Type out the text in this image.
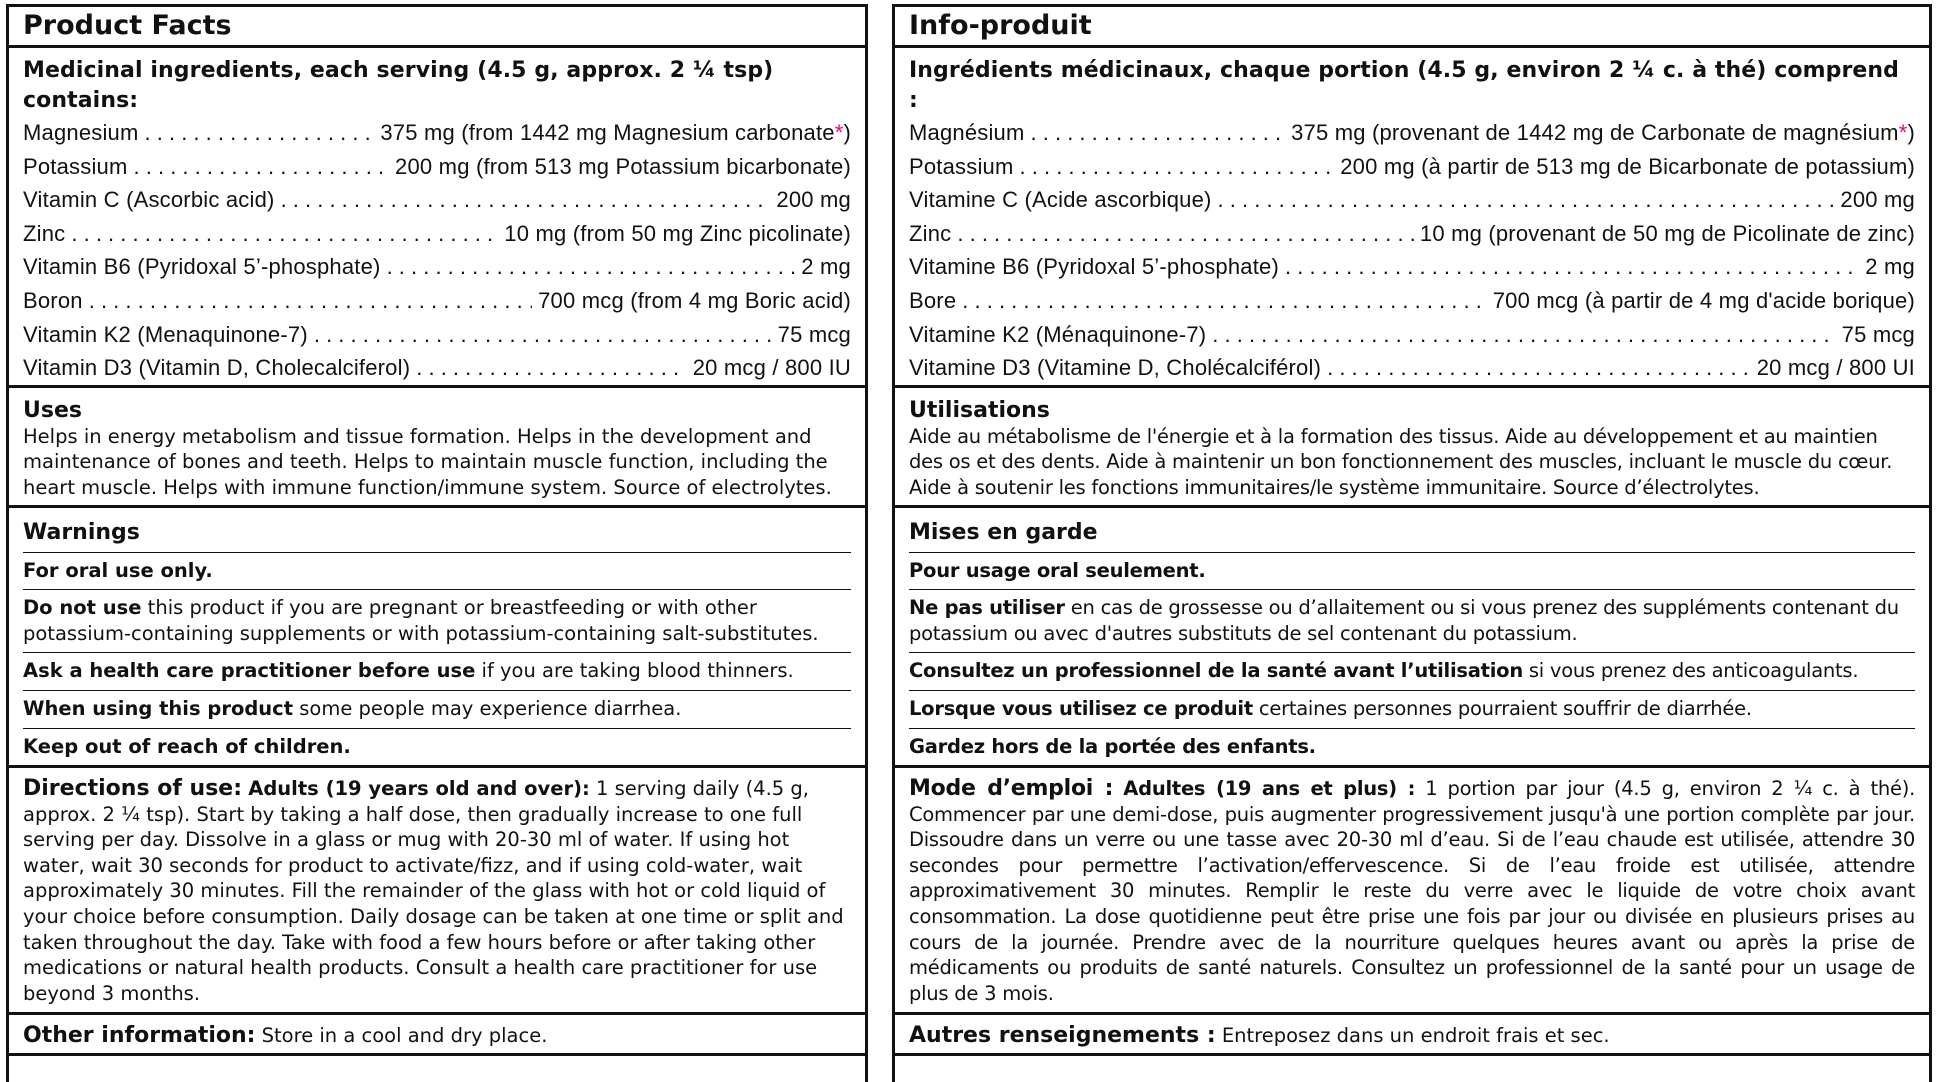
Product Facts
Medicinal ingredients, each serving (4.5 g, approx. 2 ¼ tsp) contains:
Magnesium . . .	375 mg (from 1442 mg Magnesium carbonate*)
Potassium . . .	200 mg (from 513 mg Potassium bicarbonate)
Vitamin C (Ascorbic acid) . . .	200 mg
Zinc . . .	10 mg (from 50 mg Zinc picolinate)
Vitamin B6 (Pyridoxal 5’-phosphate) . . .	2 mg
Boron . . .	700 mcg (from 4 mg Boric acid)
Vitamin K2 (Menaquinone-7) . . .	75 mcg
Vitamin D3 (Vitamin D, Cholecalciferol) . . .	20 mcg / 800 IU
Uses

Helps in energy metabolism and tissue formation. Helps in the development and maintenance of bones and teeth. Helps to maintain muscle function, including the heart muscle. Helps with immune function/immune system. Source of electrolytes.

Warnings
For oral use only.
Do not use this product if you are pregnant or breastfeeding or with other potassium-containing supplements or with potassium-containing salt-substitutes.
Ask a health care practitioner before use if you are taking blood thinners.
When using this product some people may experience diarrhea.
Keep out of reach of children.
Directions of use: Adults (19 years old and over): 1 serving daily (4.5 g, approx. 2 ¼ tsp). Start by taking a half dose, then gradually increase to one full serving per day. Dissolve in a glass or mug with 20-30 ml of water. If using hot water, wait 30 seconds for product to activate/fizz, and if using cold-water, wait approximately 30 minutes. Fill the remainder of the glass with hot or cold liquid of your choice before consumption. Daily dosage can be taken at one time or split and taken throughout the day. Take with food a few hours before or after taking other medications or natural health products. Consult a health care practitioner for use beyond 3 months.
Other information: Store in a cool and dry place.
Info-produit
Ingrédients médicinaux, chaque portion (4.5 g, environ 2 ¼ c. à thé) comprend :
Magnésium . . .	375 mg (provenant de 1442 mg de Carbonate de magnésium*)
Potassium . . .	200 mg (à partir de 513 mg de Bicarbonate de potassium)
Vitamine C (Acide ascorbique) . . .	200 mg
Zinc . . .	10 mg (provenant de 50 mg de Picolinate de zinc)
Vitamine B6 (Pyridoxal 5’-phosphate) . . .	2 mg
Bore . . .	700 mcg (à partir de 4 mg d'acide borique)
Vitamine K2 (Ménaquinone-7) . . .	75 mcg
Vitamine D3 (Vitamine D, Cholécalciférol) . . .	20 mcg / 800 UI
Utilisations

Aide au métabolisme de l'énergie et à la formation des tissus. Aide au développement et au maintien des os et des dents. Aide à maintenir un bon fonctionnement des muscles, incluant le muscle du cœur. Aide à soutenir les fonctions immunitaires/le système immunitaire. Source d’électrolytes.

Mises en garde
Pour usage oral seulement.
Ne pas utiliser en cas de grossesse ou d’allaitement ou si vous prenez des suppléments contenant du potassium ou avec d'autres substituts de sel contenant du potassium.
Consultez un professionnel de la santé avant l’utilisation si vous prenez des anticoagulants.
Lorsque vous utilisez ce produit certaines personnes pourraient souffrir de diarrhée.
Gardez hors de la portée des enfants.
Mode d’emploi : Adultes (19 ans et plus) : 1 portion par jour (4.5 g, environ 2 ¼ c. à thé). Commencer par une demi-dose, puis augmenter progressivement jusqu'à une portion complète par jour. Dissoudre dans un verre ou une tasse avec 20-30 ml d’eau. Si de l’eau chaude est utilisée, attendre 30 secondes pour permettre l’activation/effervescence. Si de l’eau froide est utilisée, attendre approximativement 30 minutes. Remplir le reste du verre avec le liquide de votre choix avant consommation. La dose quotidienne peut être prise une fois par jour ou divisée en plusieurs prises au cours de la journée. Prendre avec de la nourriture quelques heures avant ou après la prise de médicaments ou produits de santé naturels. Consultez un professionnel de la santé pour un usage de plus de 3 mois.
Autres renseignements : Entreposez dans un endroit frais et sec.
